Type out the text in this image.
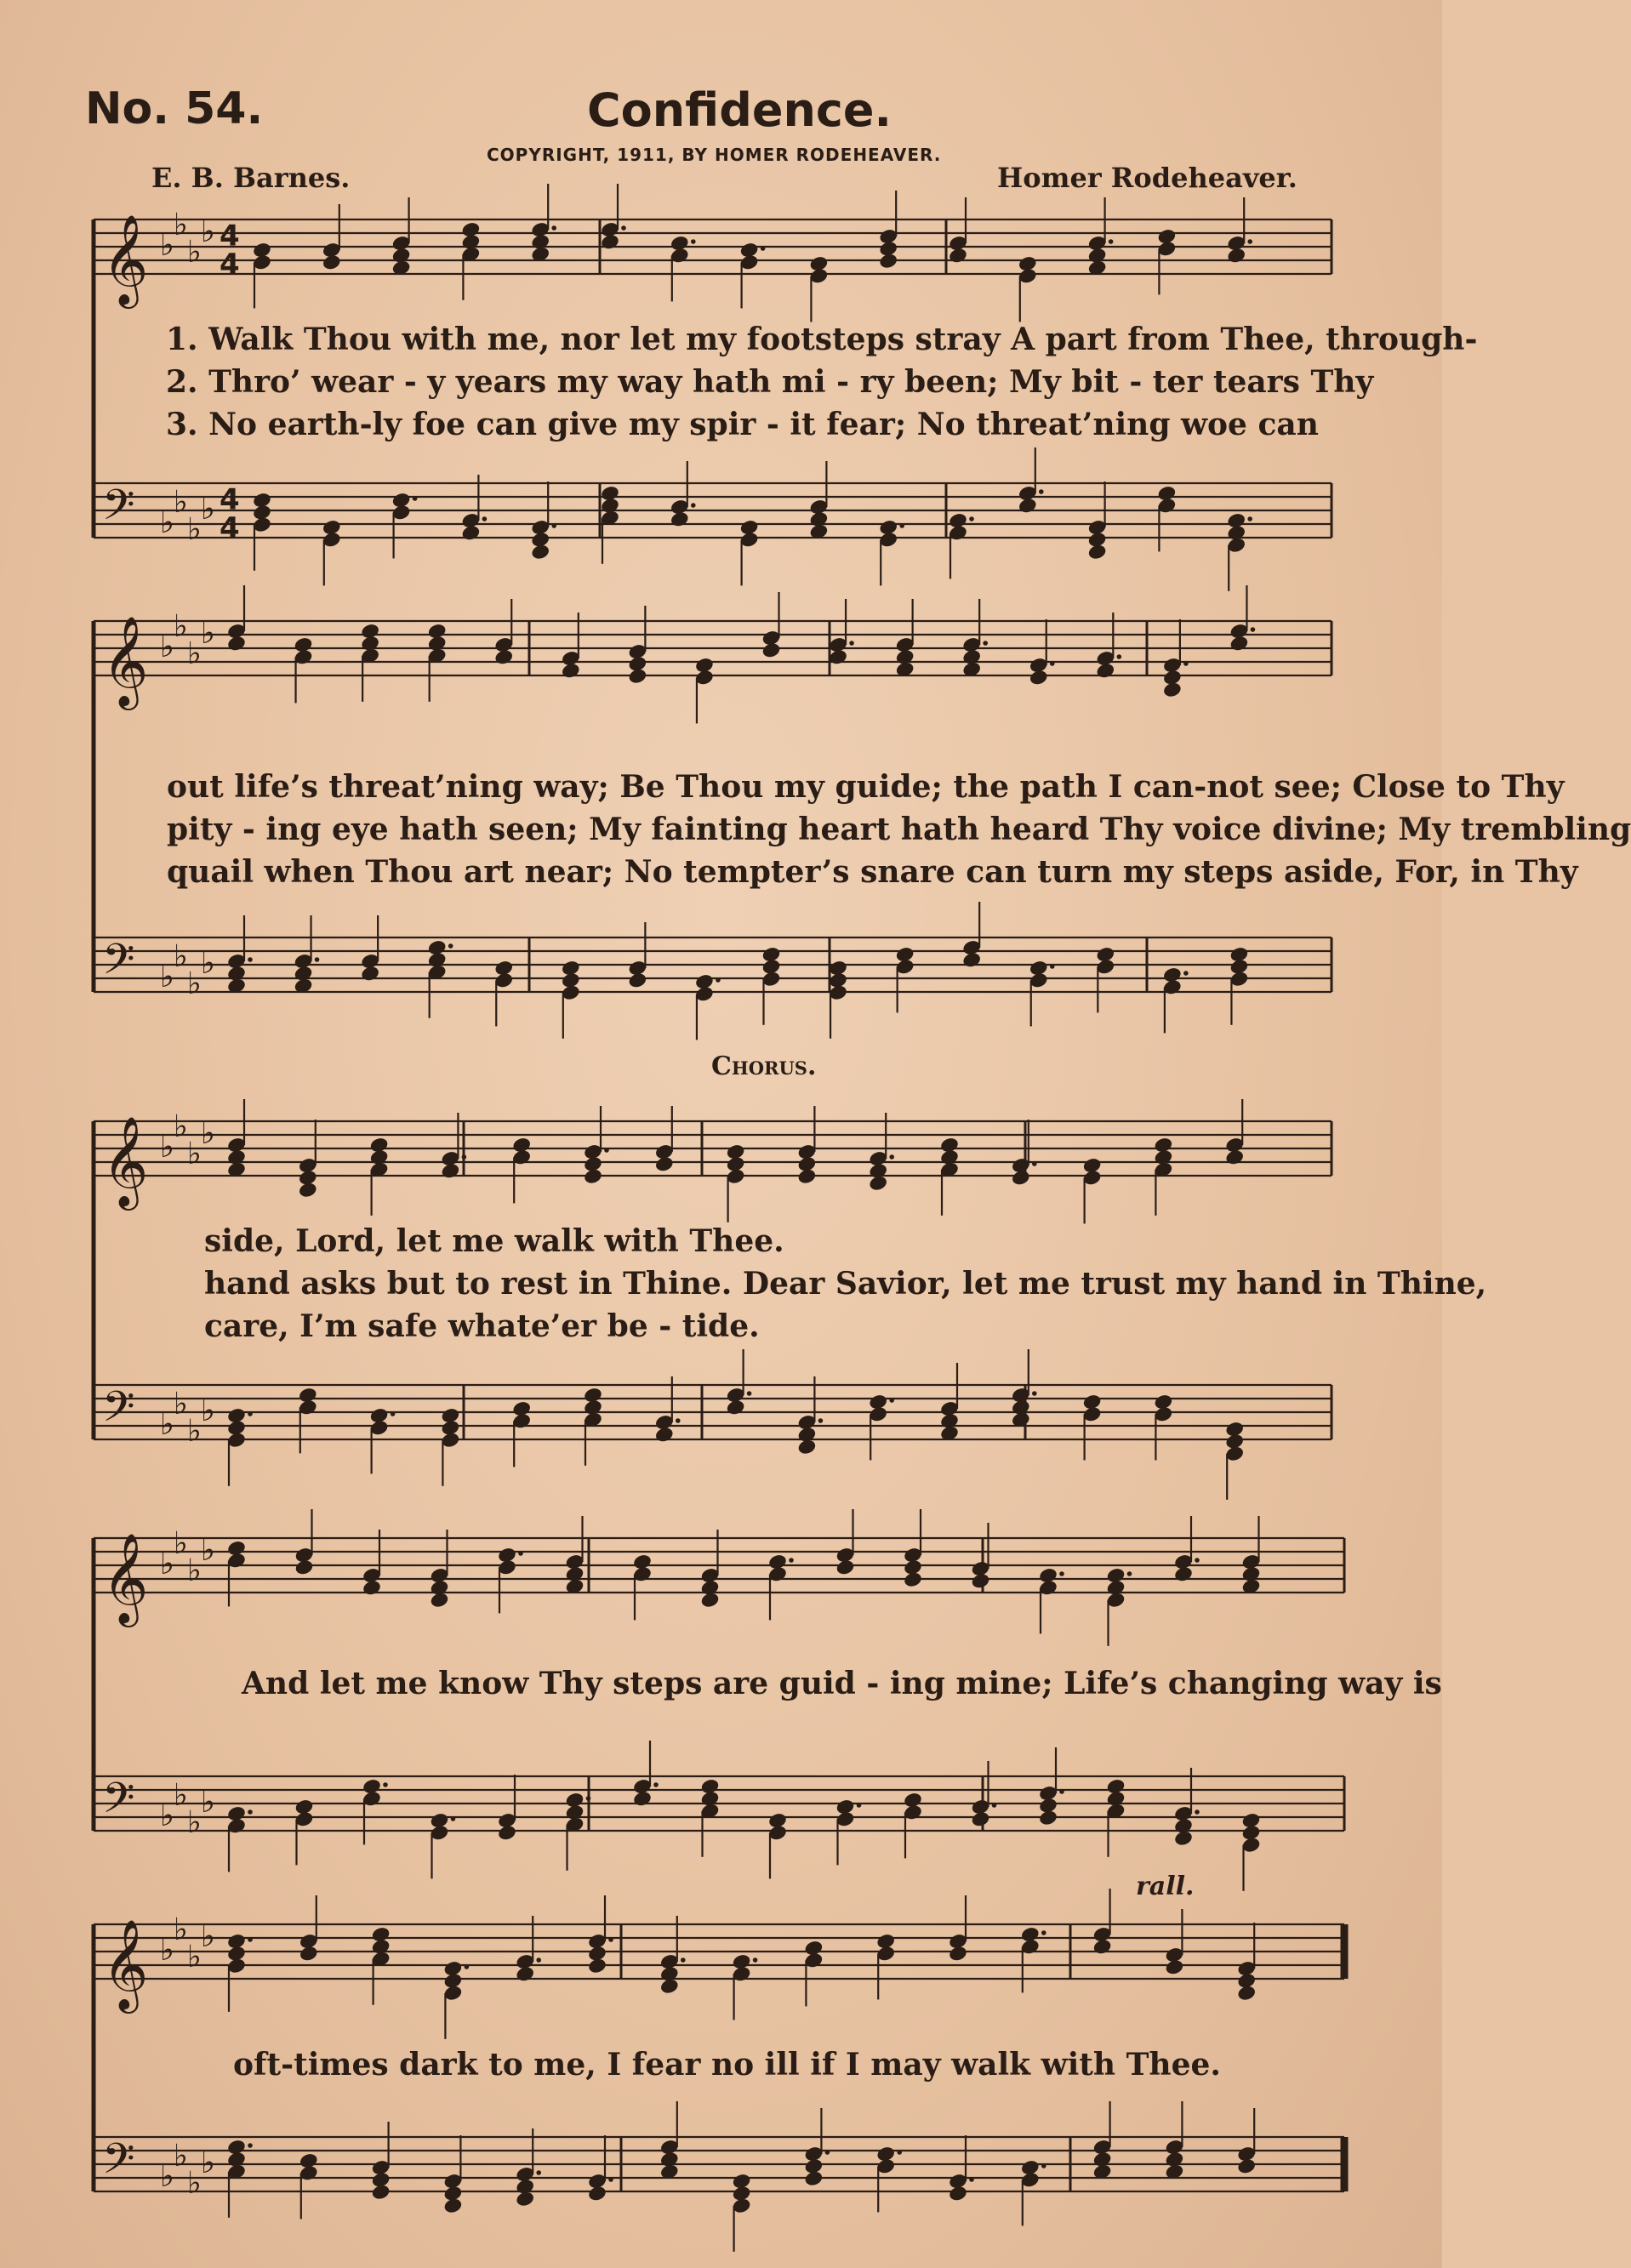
No. 54.	Confidence.
COPYRIGHT, 1911, BY HOMER RODEHEAVER.
E. B. Barnes.	Homer Rodeheaver.
𝄞 ♭
♭
♭
♭ 4
4
𝄢 ♭
♭
♭
♭ 4
4
𝄞 ♭
♭
♭
♭
𝄢 ♭
♭
♭
♭
𝄞 ♭
♭
♭
♭
𝄢 ♭
♭
♭
♭
𝄞 ♭
♭
♭
♭
𝄢 ♭
♭
♭
♭
𝄞 ♭
♭
♭
♭
𝄢 ♭
♭
♭
♭
Chorus.
rall.
1. Walk Thou with me, nor let my footsteps stray A part from Thee, through-
2. Thro’ wear - y years my way hath mi - ry been; My bit - ter tears Thy
3. No earth-ly foe can give my spir - it fear; No threat’ning woe can
out life’s threat’ning way; Be Thou my guide; the path I can-not see; Close to Thy
pity - ing eye hath seen; My fainting heart hath heard Thy voice divine; My trembling
quail when Thou art near; No tempter’s snare can turn my steps aside, For, in Thy
side, Lord, let me walk with Thee.
hand asks but to rest in Thine. Dear Savior, let me trust my hand in Thine,
care, I’m safe whate’er be - tide.
And let me know Thy steps are guid - ing mine; Life’s changing way is
oft-times dark to me, I fear no ill if I may walk with Thee.
